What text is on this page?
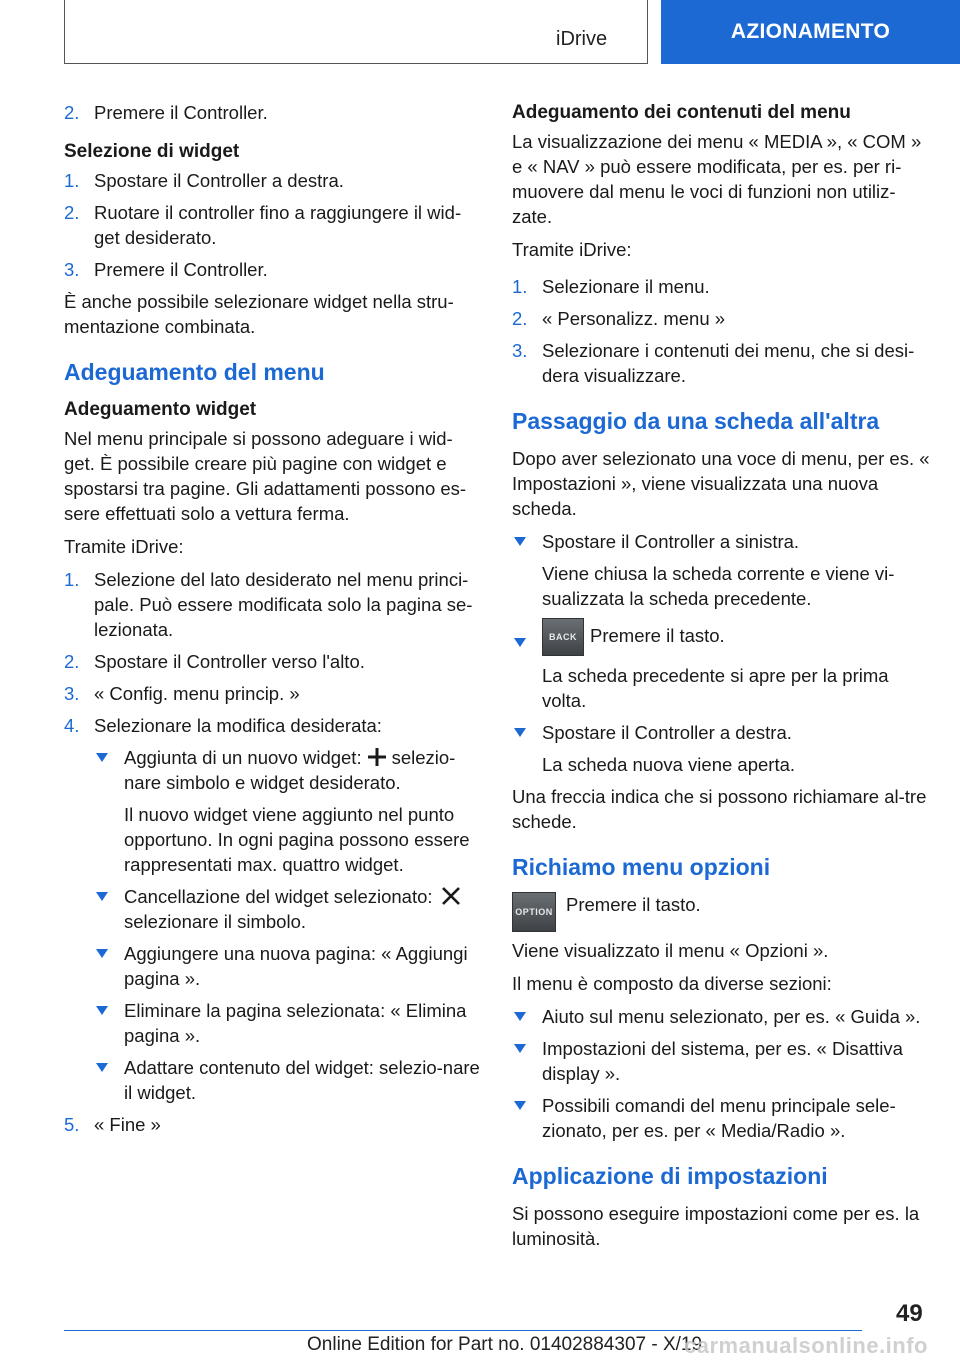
iDrive	AZIONAMENTO
2. Premere il Controller.
Selezione di widget
1. Spostare il Controller a destra.
2. Ruotare il controller fino a raggiungere il wid-get desiderato.
3. Premere il Controller.

È anche possibile selezionare widget nella stru-mentazione combinata.

Adeguamento del menu
Adeguamento widget

Nel menu principale si possono adeguare i wid-get. È possibile creare più pagine con widget e spostarsi tra pagine. Gli adattamenti possono es-sere effettuati solo a vettura ferma.

Tramite iDrive:

1. Selezione del lato desiderato nel menu princi-pale. Può essere modificata solo la pagina se-lezionata.
2. Spostare il Controller verso l'alto.
3. « Config. menu princip. »
4. Selezionare la modifica desiderata:
Aggiunta di un nuovo widget: selezio-nare simbolo e widget desiderato.

Il nuovo widget viene aggiunto nel punto opportuno. In ogni pagina possono essere rappresentati max. quattro widget.

Cancellazione del widget selezionato:
selezionare il simbolo.
Aggiungere una nuova pagina: « Aggiungi pagina ».
Eliminare la pagina selezionata: « Elimina pagina ».
Adattare contenuto del widget: selezio-nare il widget.
5. « Fine »
Adeguamento dei contenuti del menu

La visualizzazione dei menu « MEDIA », « COM » e « NAV » può essere modificata, per es. per ri-muovere dal menu le voci di funzioni non utiliz-zate.

Tramite iDrive:

1. Selezionare il menu.
2. « Personalizz. menu »
3. Selezionare i contenuti dei menu, che si desi-dera visualizzare.
Passaggio da una scheda all'altra

Dopo aver selezionato una voce di menu, per es. « Impostazioni », viene visualizzata una nuova scheda.

Spostare il Controller a sinistra.

Viene chiusa la scheda corrente e viene vi-sualizzata la scheda precedente.

BACK Premere il tasto.

La scheda precedente si apre per la prima volta.

Spostare il Controller a destra.

La scheda nuova viene aperta.

Una freccia indica che si possono richiamare al-tre schede.

Richiamo menu opzioni
OPTION Premere il tasto.

Viene visualizzato il menu « Opzioni ».

Il menu è composto da diverse sezioni:

Aiuto sul menu selezionato, per es. « Guida ».
Impostazioni del sistema, per es. « Disattiva display ».
Possibili comandi del menu principale sele-zionato, per es. per « Media/Radio ».
Applicazione di impostazioni

Si possono eseguire impostazioni come per es. la luminosità.

49
Online Edition for Part no. 01402884307 - X/19
carmanualsonline.info
